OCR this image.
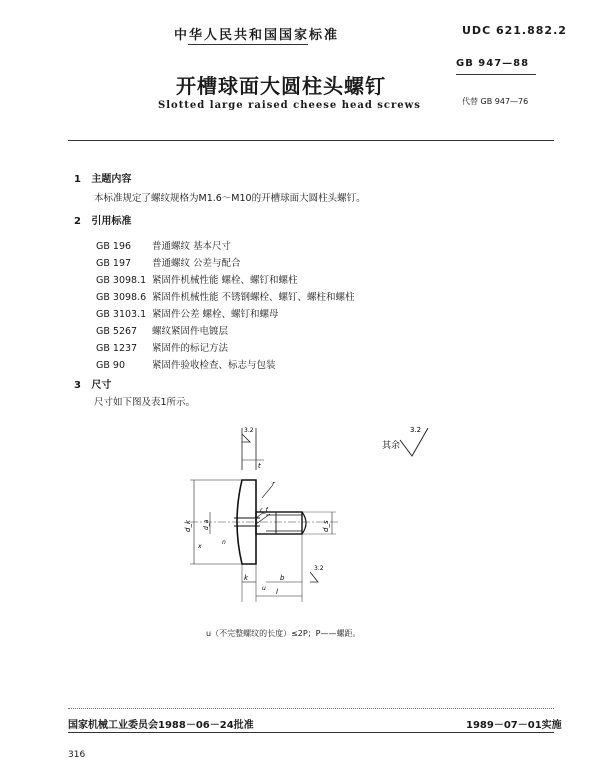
中华人民共和国国家标准	UDC 621.882.2
GB 947—88
开槽球面大圆柱头螺钉
Slotted large raised cheese head screws	代替 GB 947—76
1 主题内容
本标准规定了螺纹规格为M1.6～M10的开槽球面大圆柱头螺钉。
2 引用标准
GB 196 普通螺纹 基本尺寸
GB 197 普通螺纹 公差与配合
GB 3098.1 紧固件机械性能 螺栓、螺钉和螺柱
GB 3098.6 紧固件机械性能 不锈钢螺栓、螺钉、螺柱和螺柱
GB 3103.1 紧固件公差 螺栓、螺钉和螺母
GB 5267 螺纹紧固件电镀层
GB 1237 紧固件的标记方法
GB 90	紧固件验收检查、标志与包装
3 尺寸
尺寸如下图及表1所示。
其余
3.2
3.2
t
r
r_f
d_k d_a
x
d_s
k	b
l
u
n
3.2
u（不完整螺纹的长度）≤2P；P——螺距。
国家机械工业委员会1988－06－24批准	1989－07－01实施
316
